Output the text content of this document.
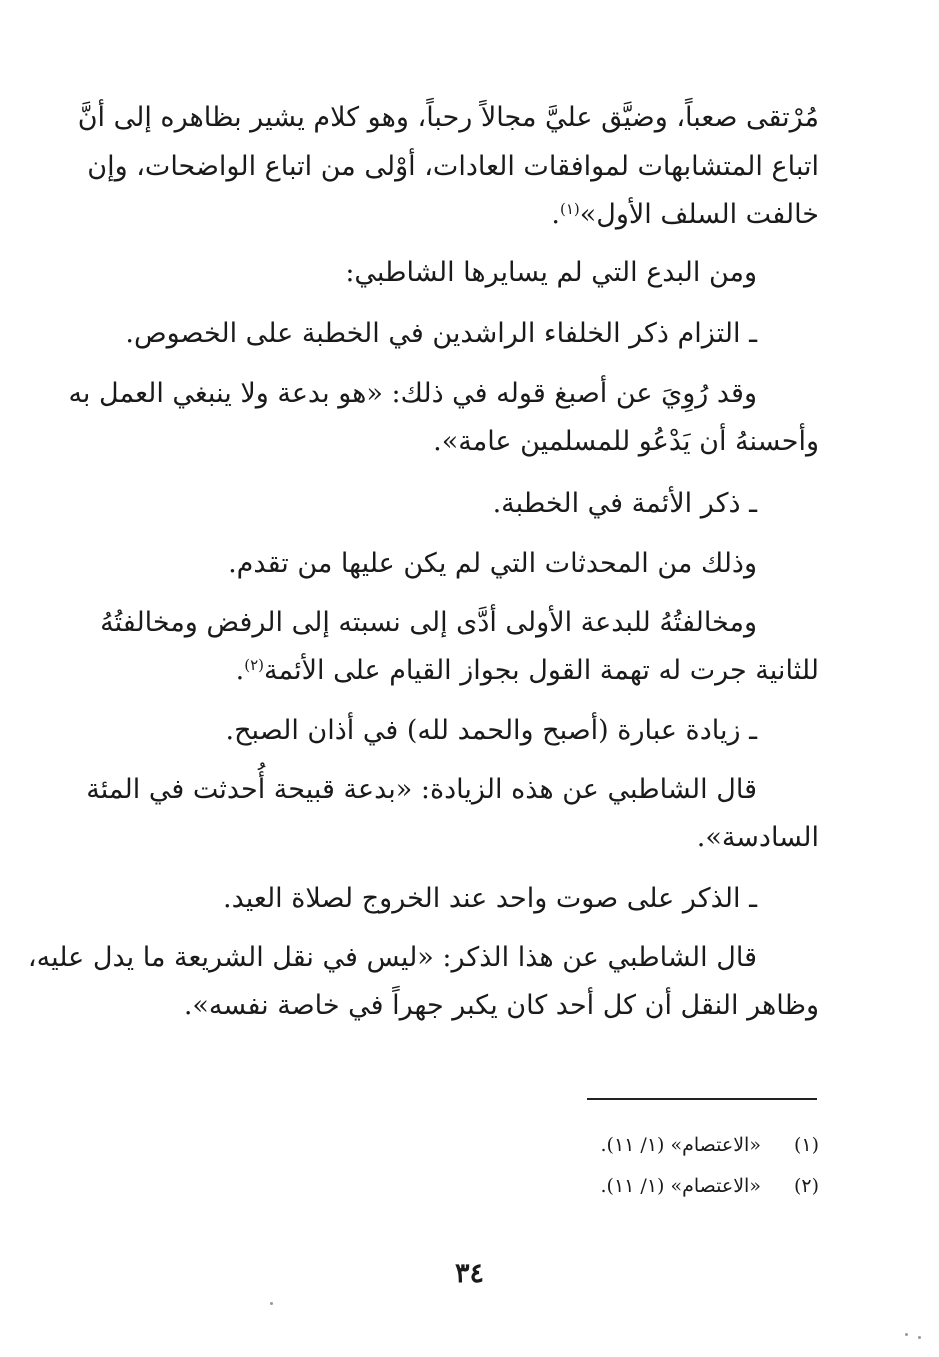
مُرْتقى صعباً، وضيَّق عليَّ مجالاً رحباً، وهو كلام يشير بظاهره إلى أنَّ
اتباع المتشابهات لموافقات العادات، أوْلى من اتباع الواضحات، وإن
خالفت السلف الأول»$^{(١)}$.
ومن البدع التي لم يسايرها الشاطبي:
ـ التزام ذكر الخلفاء الراشدين في الخطبة على الخصوص.
وقد رُوِيَ عن أصبغ قوله في ذلك: «هو بدعة ولا ينبغي العمل به
وأحسنهُ أن يَدْعُو للمسلمين عامة».
ـ ذكر الأئمة في الخطبة.
وذلك من المحدثات التي لم يكن عليها من تقدم.
ومخالفتُهُ للبدعة الأولى أدَّى إلى نسبته إلى الرفض ومخالفتُهُ
للثانية جرت له تهمة القول بجواز القيام على الأئمة$^{(٢)}$.
ـ زيادة عبارة (أصبح والحمد لله) في أذان الصبح.
قال الشاطبي عن هذه الزيادة: «بدعة قبيحة أُحدثت في المئة
السادسة».
ـ الذكر على صوت واحد عند الخروج لصلاة العيد.
قال الشاطبي عن هذا الذكر: «ليس في نقل الشريعة ما يدل عليه،
وظاهر النقل أن كل أحد كان يكبر جهراً في خاصة نفسه».
(١) «الاعتصام» (١/ ١١).
(٢) «الاعتصام» (١/ ١١).
٣٤
